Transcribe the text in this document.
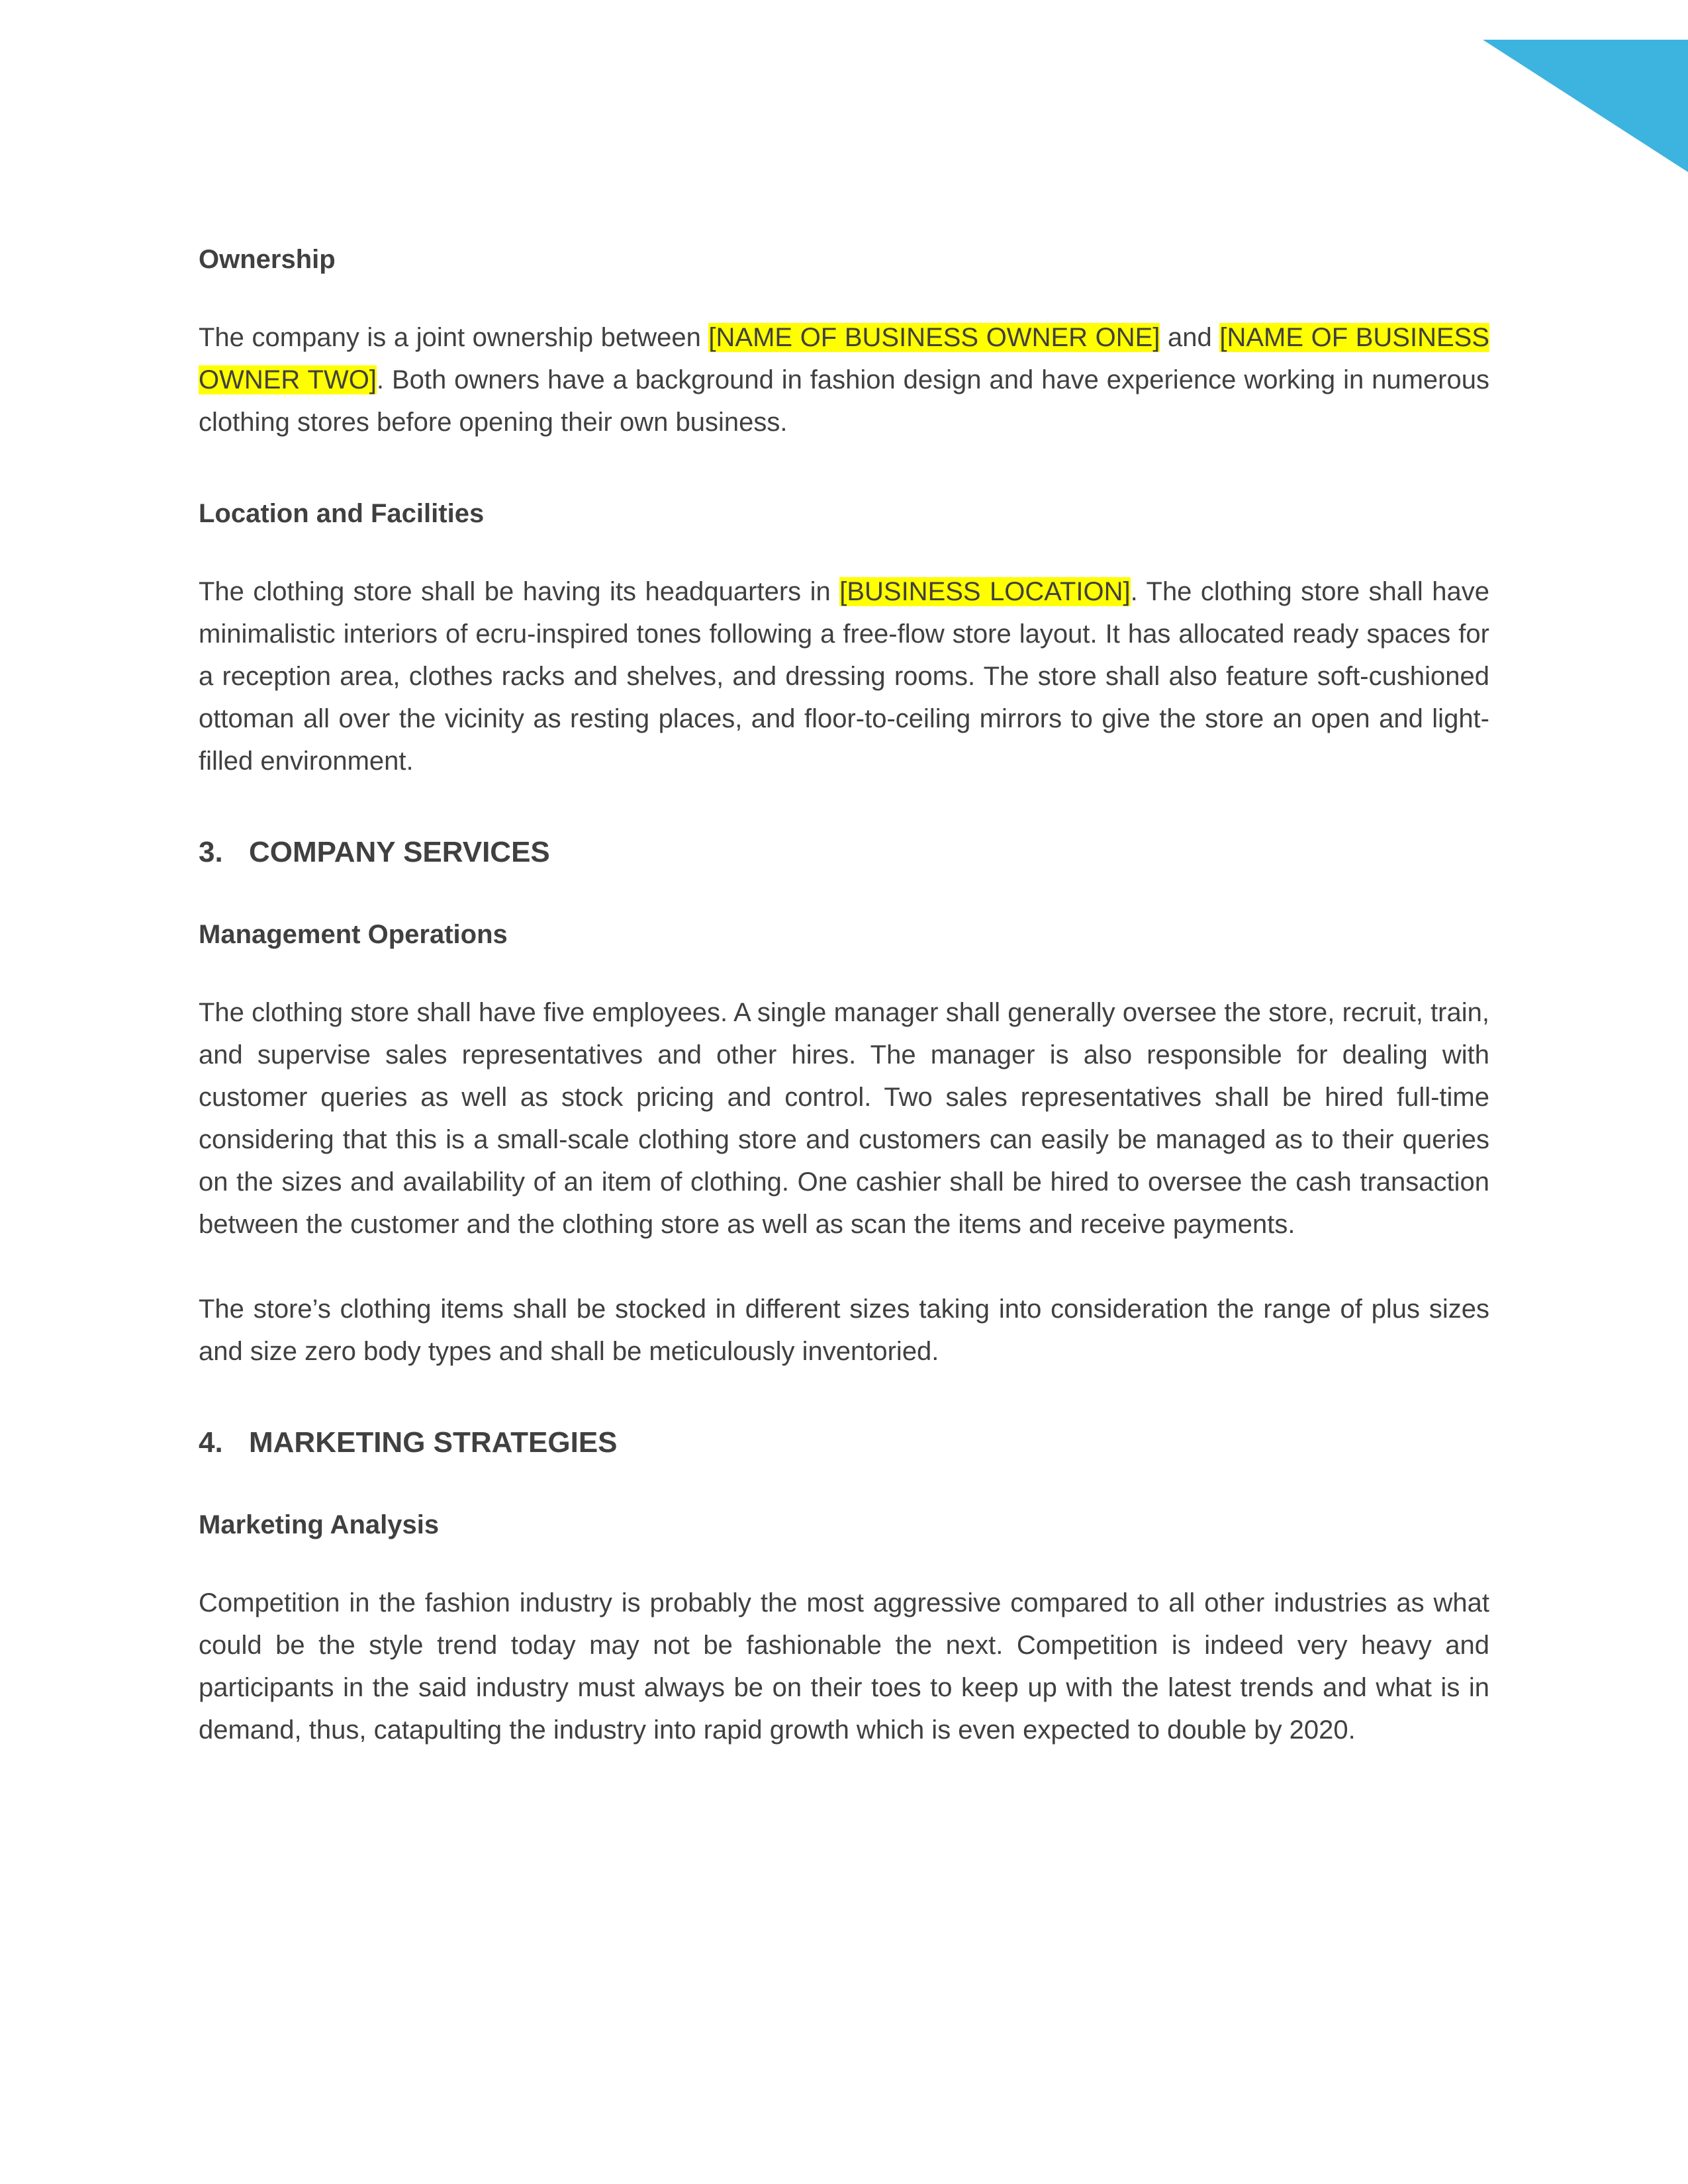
Ownership

The company is a joint ownership between [NAME OF BUSINESS OWNER ONE] and [NAME OF BUSINESS OWNER TWO]. Both owners have a background in fashion design and have experience working in numerous clothing stores before opening their own business.

Location and Facilities

The clothing store shall be having its headquarters in [BUSINESS LOCATION]. The clothing store shall have minimalistic interiors of ecru-inspired tones following a free-flow store layout. It has allocated ready spaces for a reception area, clothes racks and shelves, and dressing rooms. The store shall also feature soft-cushioned ottoman all over the vicinity as resting places, and floor-to-ceiling mirrors to give the store an open and light-filled environment.

3. COMPANY SERVICES
Management Operations

The clothing store shall have five employees. A single manager shall generally oversee the store, recruit, train, and supervise sales representatives and other hires. The manager is also responsible for dealing with customer queries as well as stock pricing and control. Two sales representatives shall be hired full-time considering that this is a small-scale clothing store and customers can easily be managed as to their queries on the sizes and availability of an item of clothing. One cashier shall be hired to oversee the cash transaction between the customer and the clothing store as well as scan the items and receive payments.

The store’s clothing items shall be stocked in different sizes taking into consideration the range of plus sizes and size zero body types and shall be meticulously inventoried.

4. MARKETING STRATEGIES
Marketing Analysis

Competition in the fashion industry is probably the most aggressive compared to all other industries as what could be the style trend today may not be fashionable the next. Competition is indeed very heavy and participants in the said industry must always be on their toes to keep up with the latest trends and what is in demand, thus, catapulting the industry into rapid growth which is even expected to double by 2020.
